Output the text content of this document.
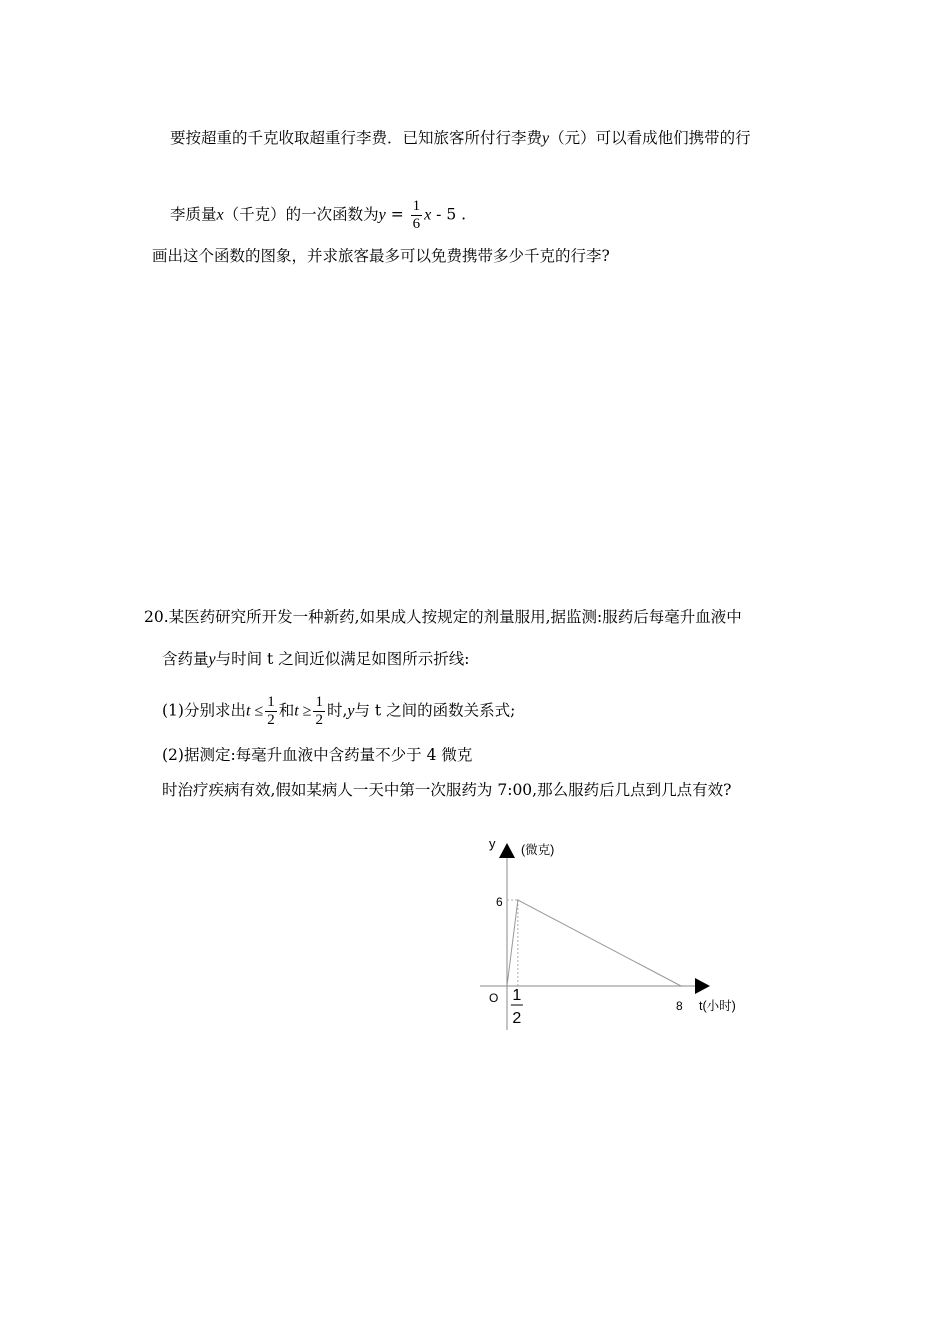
要按超重的千克收取超重行李费．已知旅客所付行李费y（元）可以看成他们携带的行
李质量x（千克）的一次函数为$y = \frac{1}{6}$ x - 5 .
画出这个函数的图象，并求旅客最多可以免费携带多少千克的行李?
20.某医药研究所开发一种新药,如果成人按规定的剂量服用,据监测:服药后每毫升血液中
含药量y与时间 t 之间近似满足如图所示折线:
(1)分别求出$t \le \frac{1}{2}$ 和$t \ge \frac{1}{2}$ 时,y与 t 之间的函数关系式;
(2)据测定:每毫升血液中含药量不少于 4 微克
时治疗疾病有效,假如某病人一天中第一次服药为 7:00,那么服药后几点到几点有效?
y (微克)
6
O
8 t(小时)
1
2
